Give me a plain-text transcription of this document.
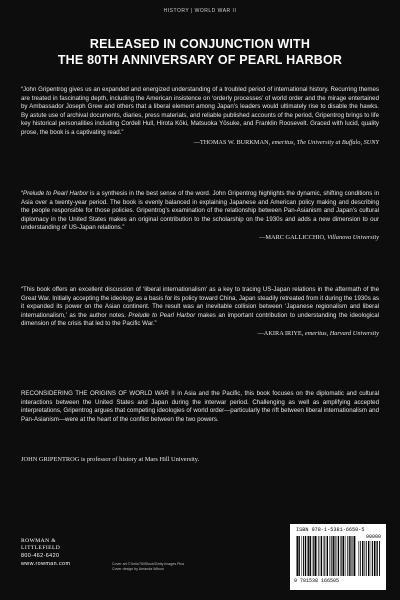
HISTORY | WORLD WAR II
RELEASED IN CONJUNCTION WITH
THE 80TH ANNIVERSARY OF PEARL HARBOR
“John Gripentrog gives us an expanded and energized understanding of a troubled period of international history. Recurring themes are treated in fascinating depth, including the American insistence on ‘orderly processes’ of world order and the mirage entertained by Ambassador Joseph Grew and others that a liberal element among Japan’s leaders would ultimately rise to disable the hawks. By astute use of archival documents, diaries, press materials, and reliable published accounts of the period, Gripentrog brings to life key historical personalities including Cordell Hull, Hirota Kōki, Matsuoka Yōsuke, and Franklin Roosevelt. Graced with lucid, quality prose, the book is a captivating read.”
—THOMAS W. BURKMAN, emeritus, The University at Buffalo, SUNY
“Prelude to Pearl Harbor is a synthesis in the best sense of the word. John Gripentrog highlights the dynamic, shifting conditions in Asia over a twenty-year period. The book is evenly balanced in explaining Japanese and American policy making and describing the people responsible for those policies. Gripentrog’s examination of the relationship between Pan-Asianism and Japan’s cultural diplomacy in the United States makes an original contribution to the scholarship on the 1930s and adds a new dimension to our understanding of US-Japan relations.”
—MARC GALLICCHIO, Villanova University
“This book offers an excellent discussion of ‘liberal internationalism’ as a key to tracing US-Japan relations in the aftermath of the Great War. Initially accepting the ideology as a basis for its policy toward China, Japan steadily retreated from it during the 1930s as it expanded its power on the Asian continent. The result was an inevitable collision between ‘Japanese regionalism and liberal internationalism,’ as the author notes. Prelude to Pearl Harbor makes an important contribution to understanding the ideological dimension of the crisis that led to the Pacific War.”
—AKIRA IRIYE, emeritus, Harvard University
RECONSIDERING THE ORIGINS OF WORLD WAR II in Asia and the Pacific, this book focuses on the diplomatic and cultural interactions between the United States and Japan during the interwar period. Challenging as well as amplifying accepted interpretations, Gripentrog argues that competing ideologies of world order—particularly the rift between liberal internationalism and Pan-Asianism—were at the heart of the conflict between the two powers.
JOHN GRIPENTROG is professor of history at Mars Hill University.
ROWMAN &
LITTLEFIELD
800-462-6420
www.rowman.com	Cover art © tintin75/iStock/Getty Images Plus
Cover design by Amanda Wilson
ISBN 978-1-5381-6650-5
90000
9 781538 166505
